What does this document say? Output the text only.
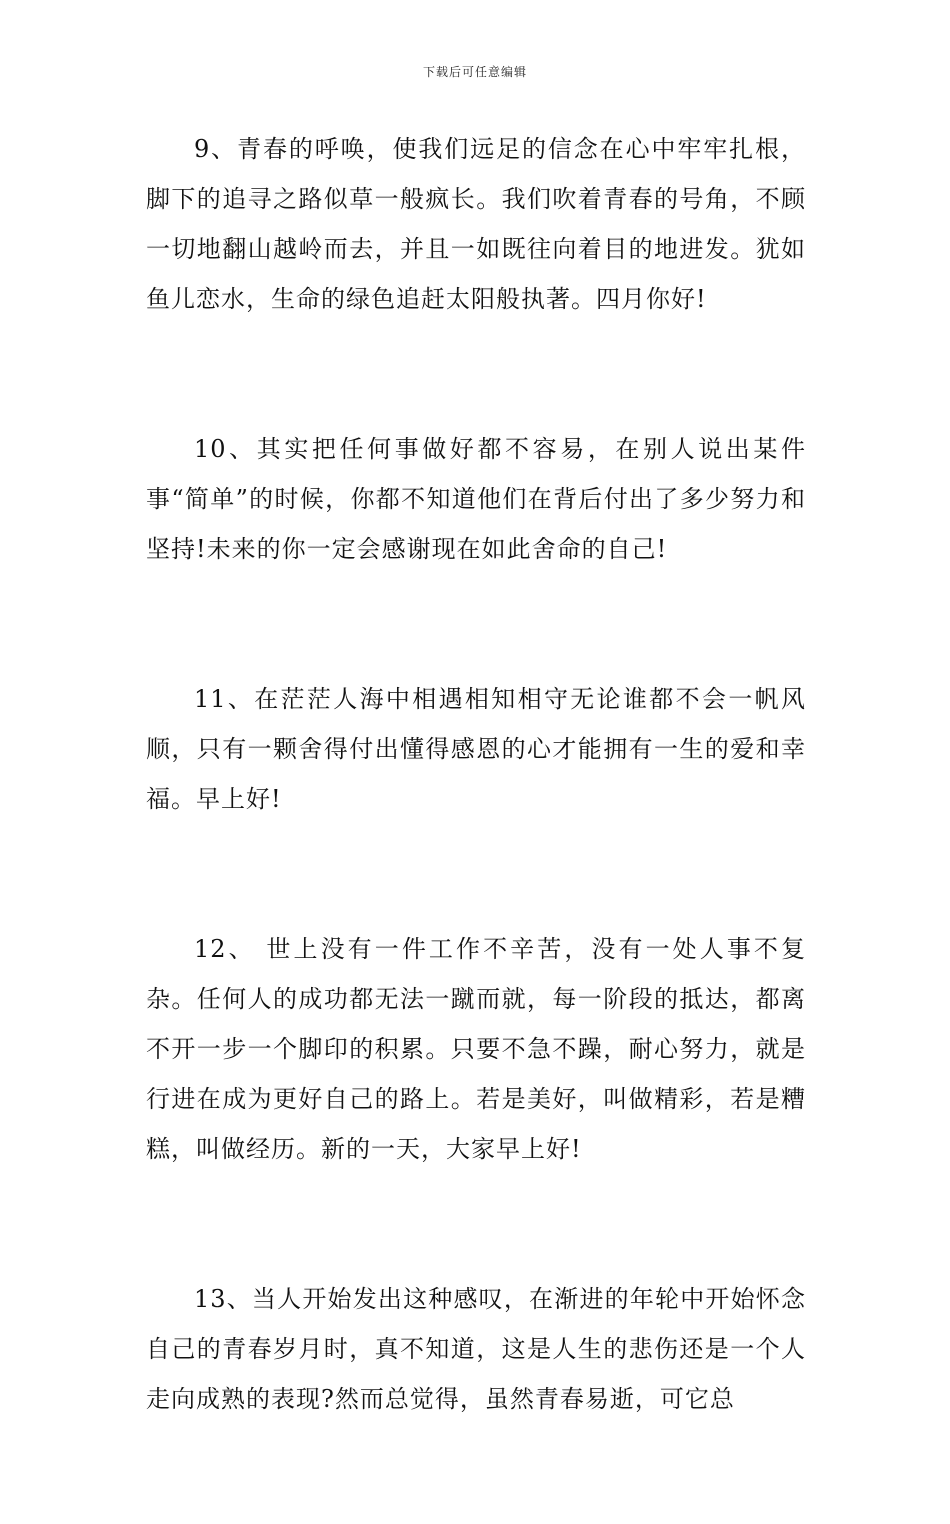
下载后可任意编辑

9、青春的呼唤，使我们远足的信念在心中牢牢扎根，脚下的追寻之路似草一般疯长。我们吹着青春的号角，不顾一切地翻山越岭而去，并且一如既往向着目的地进发。犹如鱼儿恋水，生命的绿色追赶太阳般执著。四月你好!

10、其实把任何事做好都不容易，在别人说出某件事“简单”的时候，你都不知道他们在背后付出了多少努力和坚持!未来的你一定会感谢现在如此舍命的自己!

11、在茫茫人海中相遇相知相守无论谁都不会一帆风顺，只有一颗舍得付出懂得感恩的心才能拥有一生的爱和幸福。早上好!

12、 世上没有一件工作不辛苦，没有一处人事不复杂。任何人的成功都无法一蹴而就，每一阶段的抵达，都离不开一步一个脚印的积累。只要不急不躁，耐心努力，就是行进在成为更好自己的路上。若是美好，叫做精彩，若是糟糕，叫做经历。新的一天，大家早上好!

13、当人开始发出这种感叹，在渐进的年轮中开始怀念自己的青春岁月时，真不知道，这是人生的悲伤还是一个人走向成熟的表现?然而总觉得，虽然青春易逝，可它总
